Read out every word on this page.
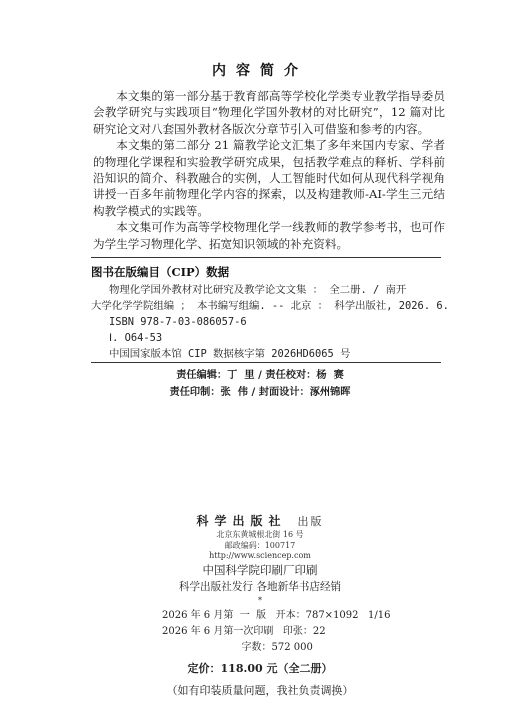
内容简介

本文集的第一部分基于教育部高等学校化学类专业教学指导委员会教学研究与实践项目“物理化学国外教材的对比研究”，12 篇对比研究论文对八套国外教材各版次分章节引入可借鉴和参考的内容。

本文集的第二部分 21 篇教学论文汇集了多年来国内专家、学者的物理化学课程和实验教学研究成果，包括教学难点的释析、学科前沿知识的简介、科教融合的实例，人工智能时代如何从现代科学视角讲授一百多年前物理化学内容的探索，以及构建教师-AI-学生三元结构教学模式的实践等。

本文集可作为高等学校物理化学一线教师的教学参考书，也可作为学生学习物理化学、拓宽知识领域的补充资料。

图书在版编目（CIP）数据
物理化学国外教材对比研究及教学论文文集 ： 全二册. / 南开
大学化学学院组编 ； 本书编写组编. -- 北京 ： 科学出版社, 2026. 6.
ISBN 978-7-03-086057-6
Ⅰ. O64-53
中国国家版本馆 CIP 数据核字第 2026HD6065 号
责任编辑：丁  里 / 责任校对：杨  赛
责任印制：张  伟 / 封面设计：涿州锦晖
科学出版社 出版
北京东黄城根北街 16 号
邮政编码：100717
http://www.sciencep.com
中国科学院印刷厂印刷
科学出版社发行 各地新华书店经销
*
2026 年 6 月第  一  版   开本：787×1092   1/16
2026 年 6 月第一次印刷   印张：22
字数：572 000
定价：118.00 元（全二册）
（如有印装质量问题，我社负责调换）
